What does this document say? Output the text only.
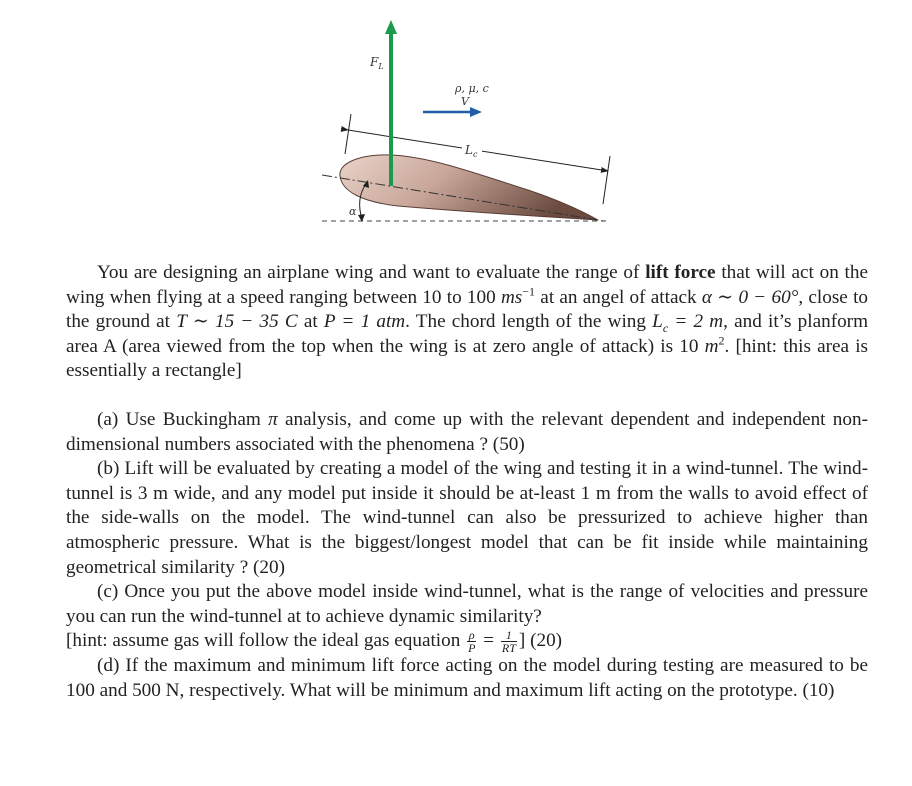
$L_c$
$F_L$
ρ, μ, c
V
α

You are designing an airplane wing and want to evaluate the range of lift force that will act on the wing when flying at a speed ranging between 10 to 100 $ms^{-1}$ at an angel of attack α ∼ 0 − 60°, close to the ground at T ∼ 15 − 35 C at P = 1 atm. The chord length of the wing $L_c = 2$ m, and it’s planform area A (area viewed from the top when the wing is at zero angle of attack) is 10 $m^2$. [hint: this area is essentially a rectangle]

(a) Use Buckingham π analysis, and come up with the relevant dependent and independent non-dimensional numbers associated with the phenomena ? (50)

(b) Lift will be evaluated by creating a model of the wing and testing it in a wind-tunnel. The wind-tunnel is 3 m wide, and any model put inside it should be at-least 1 m from the walls to avoid effect of the side-walls on the model. The wind-tunnel can also be pressurized to achieve higher than atmospheric pressure. What is the biggest/longest model that can be fit inside while maintaining geometrical similarity ? (20)

(c) Once you put the above model inside wind-tunnel, what is the range of velocities and pressure you can run the wind-tunnel at to achieve dynamic similarity?

[hint: assume gas will follow the ideal gas equation $\frac{\rho}{P} = \frac{1}{RT}$ ] (20)

(d) If the maximum and minimum lift force acting on the model during testing are measured to be 100 and 500 N, respectively. What will be minimum and maximum lift acting on the prototype. (10)
